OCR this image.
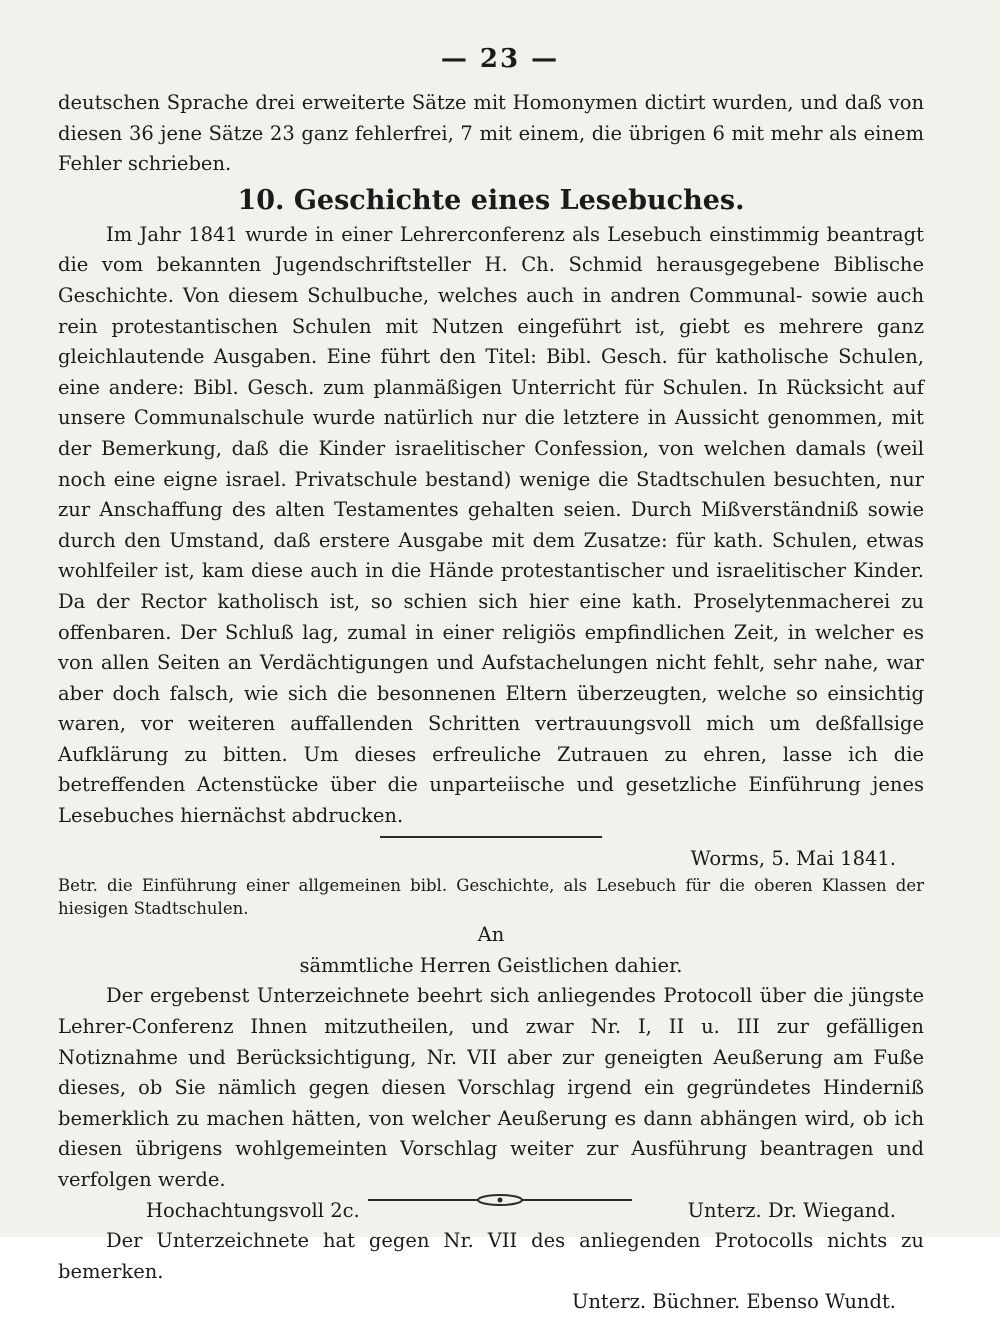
— 23 —

deutschen Sprache drei erweiterte Sätze mit Homonymen dictirt wurden, und daß von diesen 36 jene Sätze 23 ganz fehlerfrei, 7 mit einem, die übrigen 6 mit mehr als einem Fehler schrieben.

10. Geschichte eines Lesebuches.

Im Jahr 1841 wurde in einer Lehrerconferenz als Lesebuch einstimmig beantragt die vom bekannten Jugendschriftsteller H. Ch. Schmid herausgegebene Biblische Geschichte. Von diesem Schulbuche, welches auch in andren Communal- sowie auch rein protestantischen Schulen mit Nutzen eingeführt ist, giebt es mehrere ganz gleichlautende Ausgaben. Eine führt den Titel: Bibl. Gesch. für katholische Schulen, eine andere: Bibl. Gesch. zum planmäßigen Unterricht für Schulen. In Rücksicht auf unsere Communalschule wurde natürlich nur die letztere in Aussicht genommen, mit der Bemerkung, daß die Kinder israelitischer Confession, von welchen damals (weil noch eine eigne israel. Privatschule bestand) wenige die Stadtschulen besuchten, nur zur Anschaffung des alten Testamentes gehalten seien. Durch Mißverständniß sowie durch den Umstand, daß erstere Ausgabe mit dem Zusatze: für kath. Schulen, etwas wohlfeiler ist, kam diese auch in die Hände protestantischer und israelitischer Kinder. Da der Rector katholisch ist, so schien sich hier eine kath. Proselytenmacherei zu offenbaren. Der Schluß lag, zumal in einer religiös empfindlichen Zeit, in welcher es von allen Seiten an Verdächtigungen und Aufstachelungen nicht fehlt, sehr nahe, war aber doch falsch, wie sich die besonnenen Eltern überzeugten, welche so einsichtig waren, vor weiteren auffallenden Schritten vertrauungsvoll mich um deßfallsige Aufklärung zu bitten. Um dieses erfreuliche Zutrauen zu ehren, lasse ich die betreffenden Actenstücke über die unparteiische und gesetzliche Einführung jenes Lesebuches hiernächst abdrucken.

Worms, 5. Mai 1841.

Betr. die Einführung einer allgemeinen bibl. Geschichte, als Lesebuch für die oberen Klassen der hiesigen Stadtschulen.

An

sämmtliche Herren Geistlichen dahier.

Der ergebenst Unterzeichnete beehrt sich anliegendes Protocoll über die jüngste Lehrer-Conferenz Ihnen mitzutheilen, und zwar Nr. I, II u. III zur gefälligen Notiznahme und Berücksichtigung, Nr. VII aber zur geneigten Aeußerung am Fuße dieses, ob Sie nämlich gegen diesen Vorschlag irgend ein gegründetes Hinderniß bemerklich zu machen hätten, von welcher Aeußerung es dann abhängen wird, ob ich diesen übrigens wohlgemeinten Vorschlag weiter zur Ausführung beantragen und verfolgen werde.

Hochachtungsvoll 2c.	Unterz. Dr. Wiegand.

Der Unterzeichnete hat gegen Nr. VII des anliegenden Protocolls nichts zu bemerken.

Unterz. Büchner. Ebenso Wundt.
